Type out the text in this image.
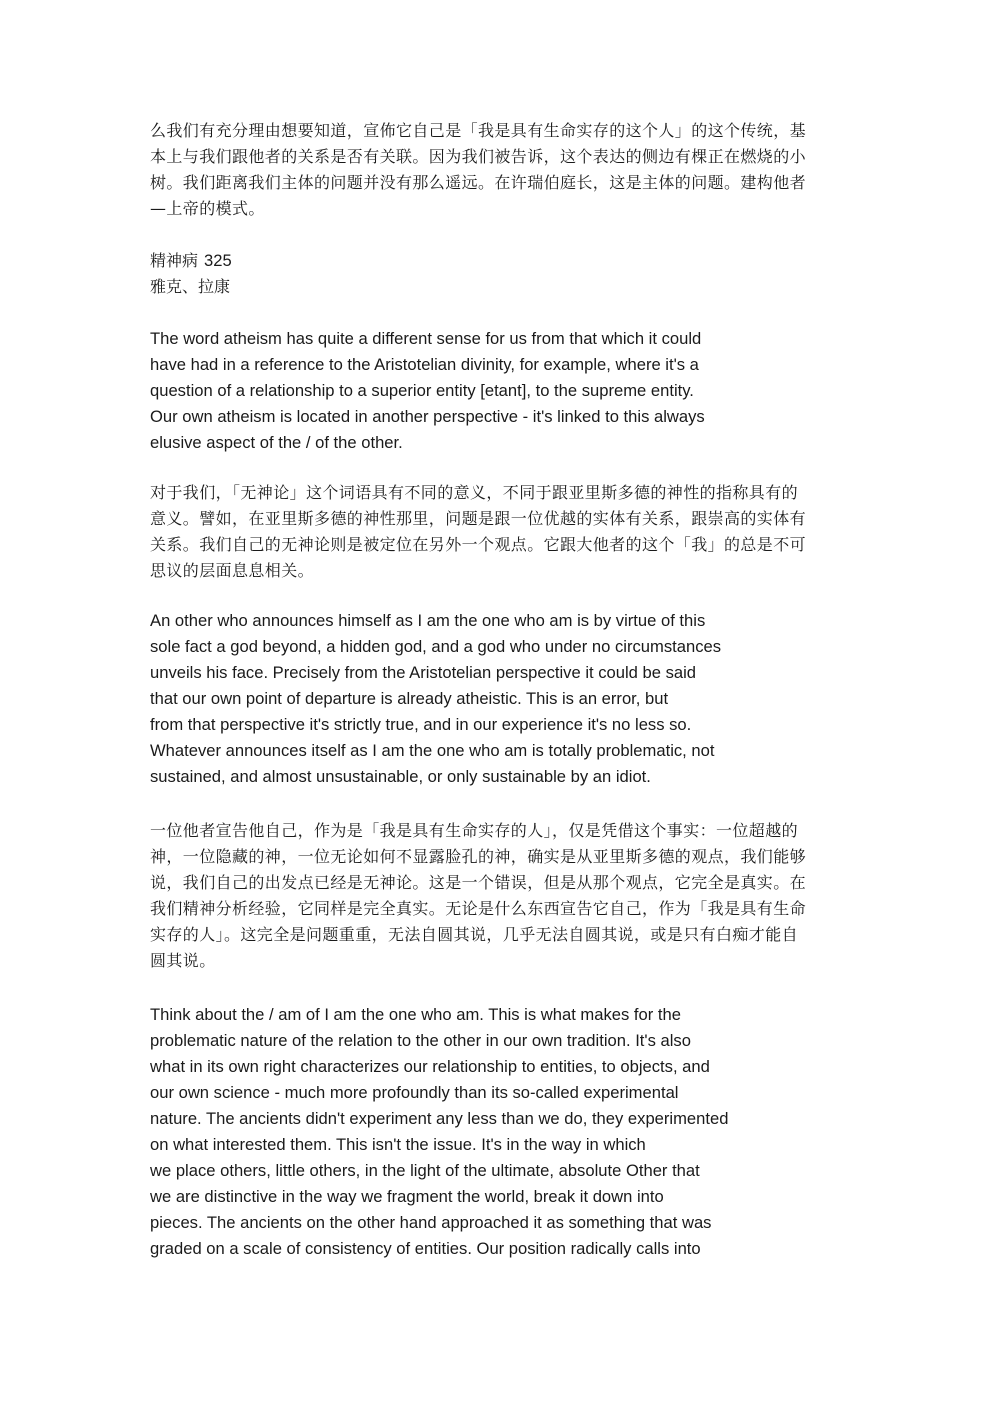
么我们有充分理由想要知道，宣佈它自己是「我是具有生命实存的这个人」的这个传统，基
本上与我们跟他者的关系是否有关联。因为我们被告诉，这个表达的侧边有棵正在燃烧的小
树。我们距离我们主体的问题并没有那么遥远。在许瑞伯庭长，这是主体的问题。建构他者
—上帝的模式。

精神病 325
雅克、拉康

The word atheism has quite a different sense for us from that which it could
have had in a reference to the Aristotelian divinity, for example, where it's a
question of a relationship to a superior entity [etant], to the supreme entity.
Our own atheism is located in another perspective - it's linked to this always
elusive aspect of the / of the other.

对于我们，「无神论」这个词语具有不同的意义，不同于跟亚里斯多德的神性的指称具有的
意义。譬如，在亚里斯多德的神性那里，问题是跟一位优越的实体有关系，跟崇高的实体有
关系。我们自己的无神论则是被定位在另外一个观点。它跟大他者的这个「我」的总是不可
思议的层面息息相关。

An other who announces himself as I am the one who am is by virtue of this
sole fact a god beyond, a hidden god, and a god who under no circumstances
unveils his face. Precisely from the Aristotelian perspective it could be said
that our own point of departure is already atheistic. This is an error, but
from that perspective it's strictly true, and in our experience it's no less so.
Whatever announces itself as I am the one who am is totally problematic, not
sustained, and almost unsustainable, or only sustainable by an idiot.

一位他者宣告他自己，作为是「我是具有生命实存的人」，仅是凭借这个事实：一位超越的
神，一位隐藏的神，一位无论如何不显露脸孔的神，确实是从亚里斯多德的观点，我们能够
说，我们自己的出发点已经是无神论。这是一个错误，但是从那个观点，它完全是真实。在
我们精神分析经验，它同样是完全真实。无论是什么东西宣告它自己，作为「我是具有生命
实存的人」。这完全是问题重重，无法自圆其说，几乎无法自圆其说，或是只有白痴才能自
圆其说。

Think about the / am of I am the one who am. This is what makes for the
problematic nature of the relation to the other in our own tradition. It's also
what in its own right characterizes our relationship to entities, to objects, and
our own science - much more profoundly than its so-called experimental
nature. The ancients didn't experiment any less than we do, they experimented
on what interested them. This isn't the issue. It's in the way in which
we place others, little others, in the light of the ultimate, absolute Other that
we are distinctive in the way we fragment the world, break it down into
pieces. The ancients on the other hand approached it as something that was
graded on a scale of consistency of entities. Our position radically calls into
